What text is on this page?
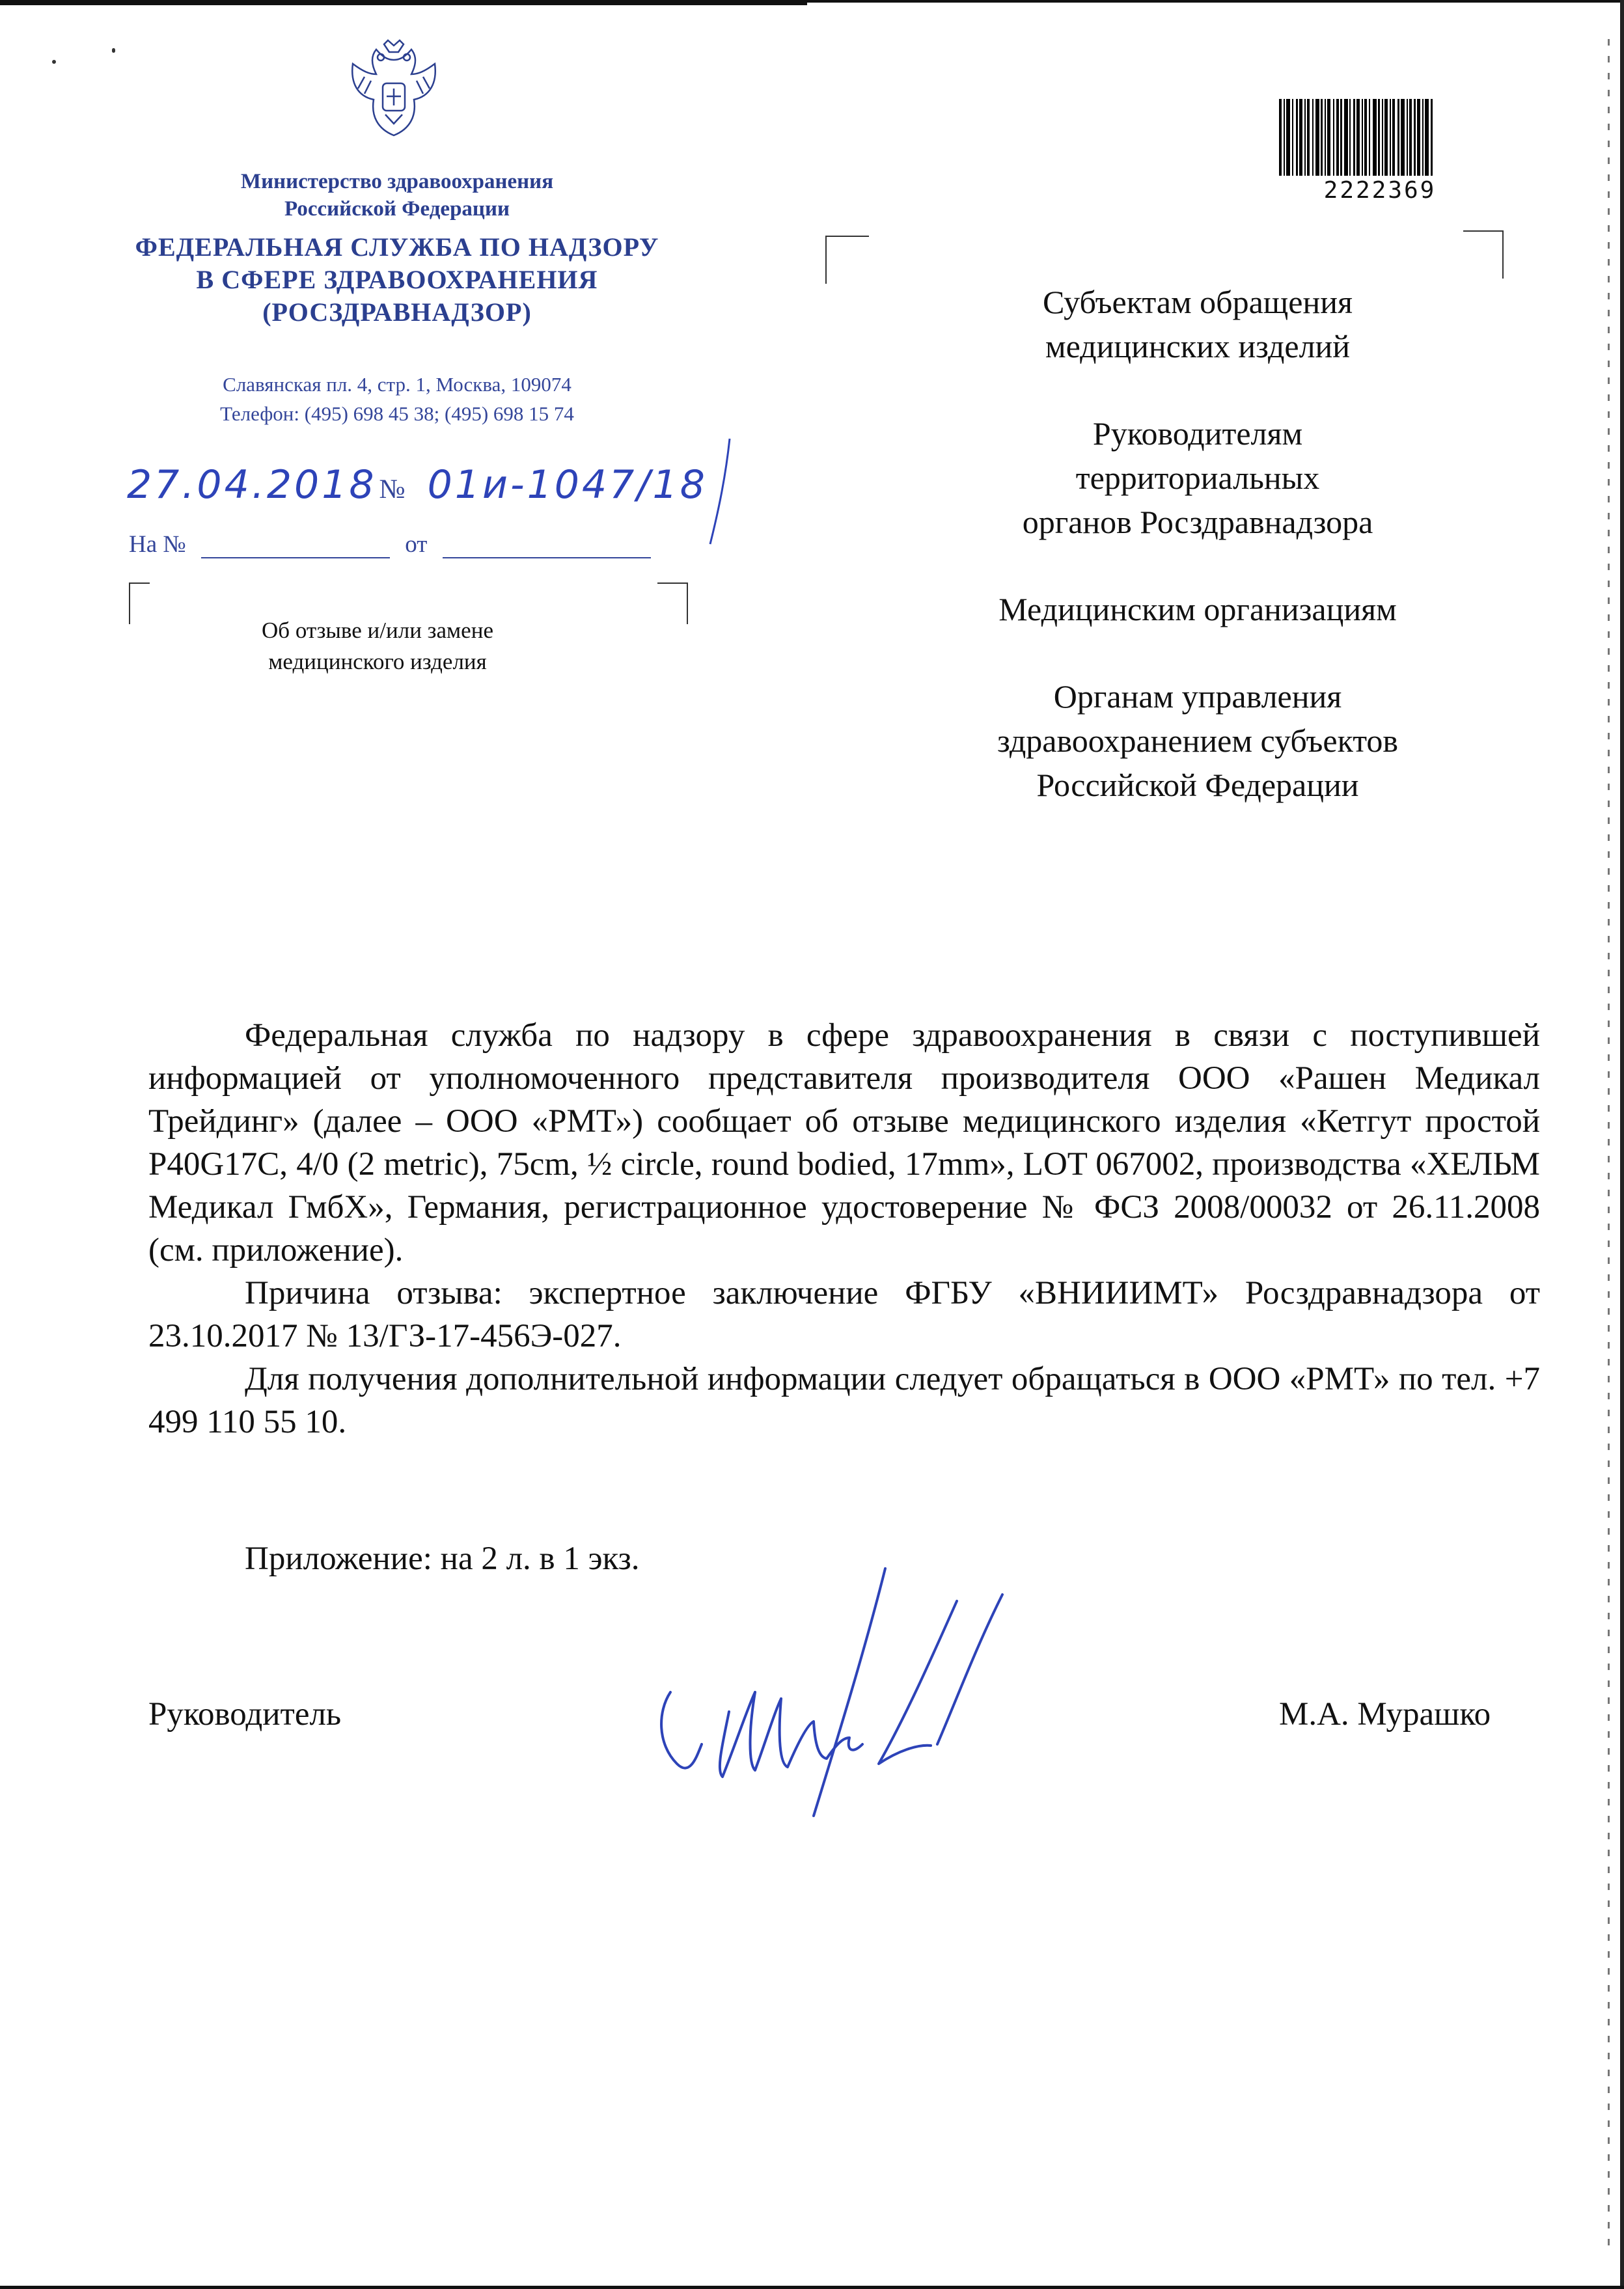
Министерство здравоохранения
Российской Федерации
ФЕДЕРАЛЬНАЯ СЛУЖБА ПО НАДЗОРУ
В СФЕРЕ ЗДРАВООХРАНЕНИЯ
(РОСЗДРАВНАДЗОР)
Славянская пл. 4, стр. 1, Москва, 109074
Телефон: (495) 698 45 38; (495) 698 15 74
27.04.2018 № 01и-1047/18
На №	от
Об отзыве и/или замене
медицинского изделия
2222369
Субъектам обращения
медицинских изделий
Руководителям
территориальных
органов Росздравнадзора
Медицинским организациям
Органам управления
здравоохранением субъектов
Российской Федерации

Федеральная служба по надзору в сфере здравоохранения в связи с поступившей информацией от уполномоченного представителя производителя ООО «Рашен Медикал Трейдинг» (далее – ООО «РМТ») сообщает об отзыве медицинского изделия «Кетгут простой P40G17C, 4/0 (2 metric), 75cm, ½ circle, round bodied, 17mm», LOT 067002, производства «ХЕЛЬМ Медикал ГмбХ», Германия, регистрационное удостоверение № ФСЗ 2008/00032 от 26.11.2008 (см. приложение).

Причина отзыва: экспертное заключение ФГБУ «ВНИИИМТ» Росздравнадзора от 23.10.2017 № 13/ГЗ-17-456Э-027.

Для получения дополнительной информации следует обращаться в ООО «РМТ» по тел. +7 499 110 55 10.

Приложение: на 2 л. в 1 экз.
Руководитель	М.А. Мурашко
